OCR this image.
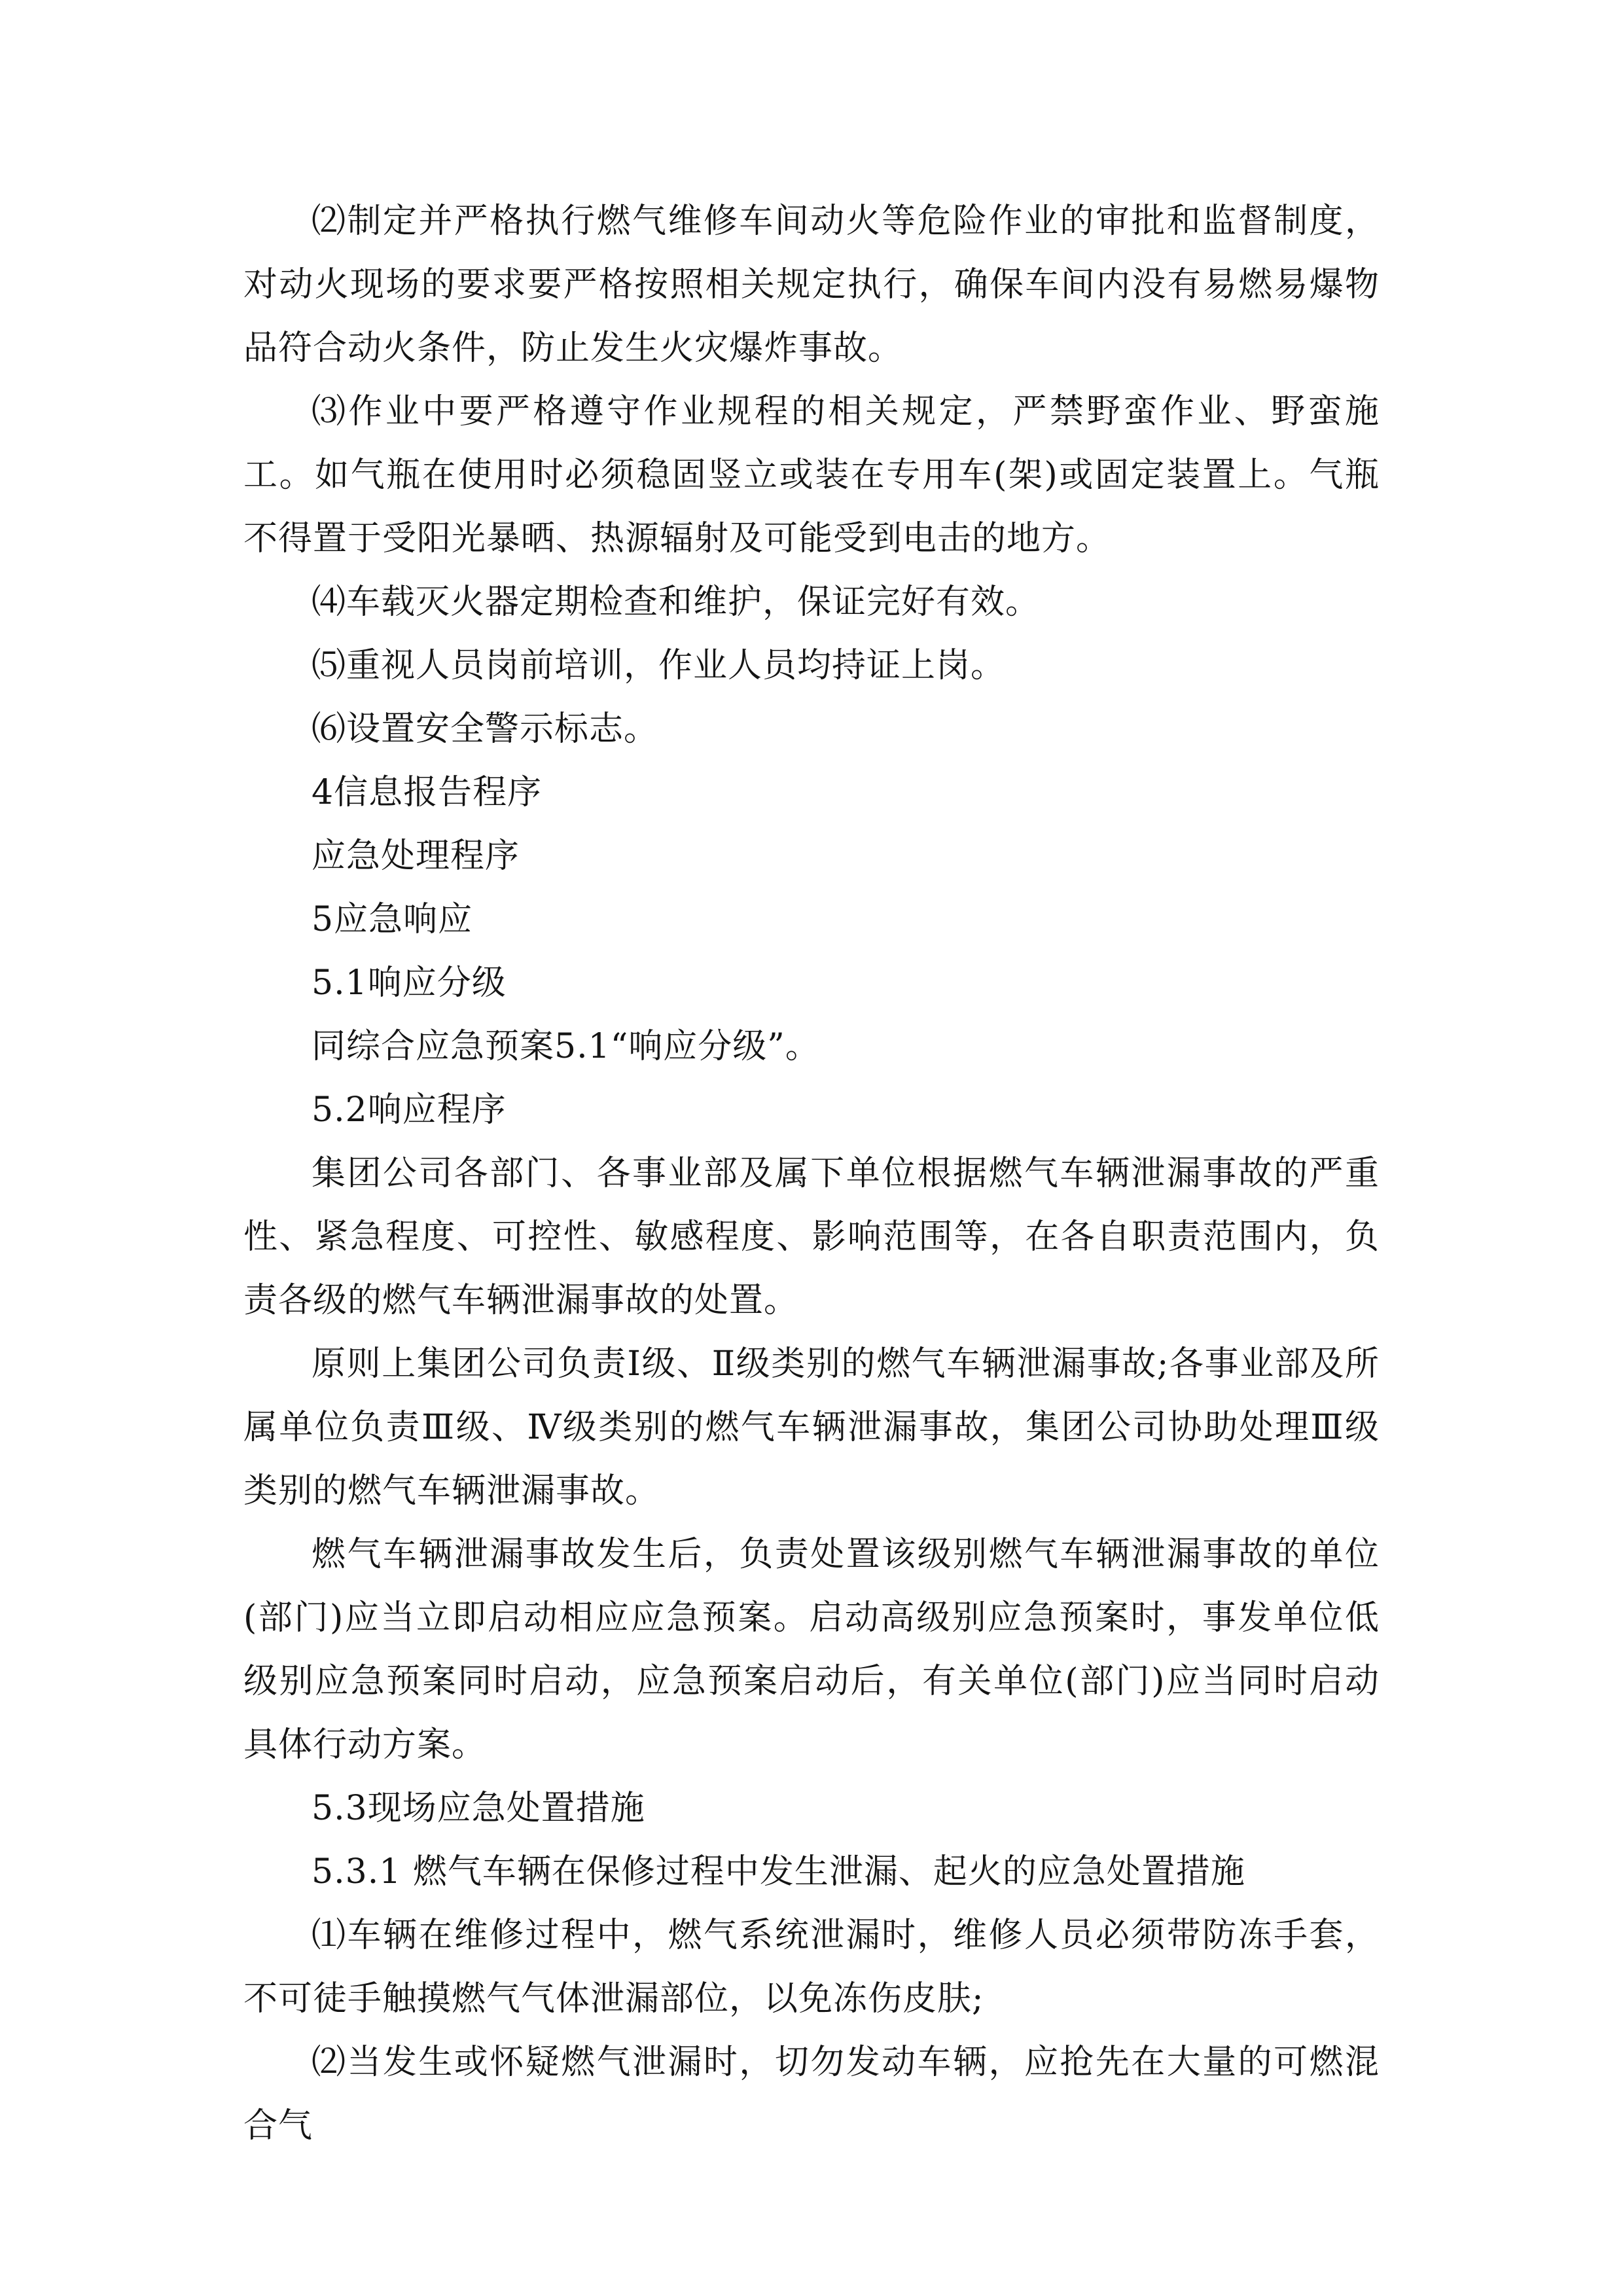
⑵制定并严格执行燃气维修车间动火等危险作业的审批和监督制度，对动火现场的要求要严格按照相关规定执行，确保车间内没有易燃易爆物品符合动火条件，防止发生火灾爆炸事故。

⑶作业中要严格遵守作业规程的相关规定，严禁野蛮作业、野蛮施工。如气瓶在使用时必须稳固竖立或装在专用车(架)或固定装置上。气瓶不得置于受阳光暴晒、热源辐射及可能受到电击的地方。

⑷车载灭火器定期检查和维护，保证完好有效。

⑸重视人员岗前培训，作业人员均持证上岗。

⑹设置安全警示标志。

4信息报告程序

应急处理程序

5应急响应

5.1响应分级

同综合应急预案5.1“响应分级”。

5.2响应程序

集团公司各部门、各事业部及属下单位根据燃气车辆泄漏事故的严重性、紧急程度、可控性、敏感程度、影响范围等，在各自职责范围内，负责各级的燃气车辆泄漏事故的处置。

原则上集团公司负责Ⅰ级、Ⅱ级类别的燃气车辆泄漏事故;各事业部及所属单位负责Ⅲ级、Ⅳ级类别的燃气车辆泄漏事故，集团公司协助处理Ⅲ级类别的燃气车辆泄漏事故。

燃气车辆泄漏事故发生后，负责处置该级别燃气车辆泄漏事故的单位(部门)应当立即启动相应应急预案。启动高级别应急预案时，事发单位低级别应急预案同时启动，应急预案启动后，有关单位(部门)应当同时启动具体行动方案。

5.3现场应急处置措施

5.3.1 燃气车辆在保修过程中发生泄漏、起火的应急处置措施

⑴车辆在维修过程中，燃气系统泄漏时，维修人员必须带防冻手套，不可徒手触摸燃气气体泄漏部位，以免冻伤皮肤;

⑵当发生或怀疑燃气泄漏时，切勿发动车辆，应抢先在大量的可燃混合气
